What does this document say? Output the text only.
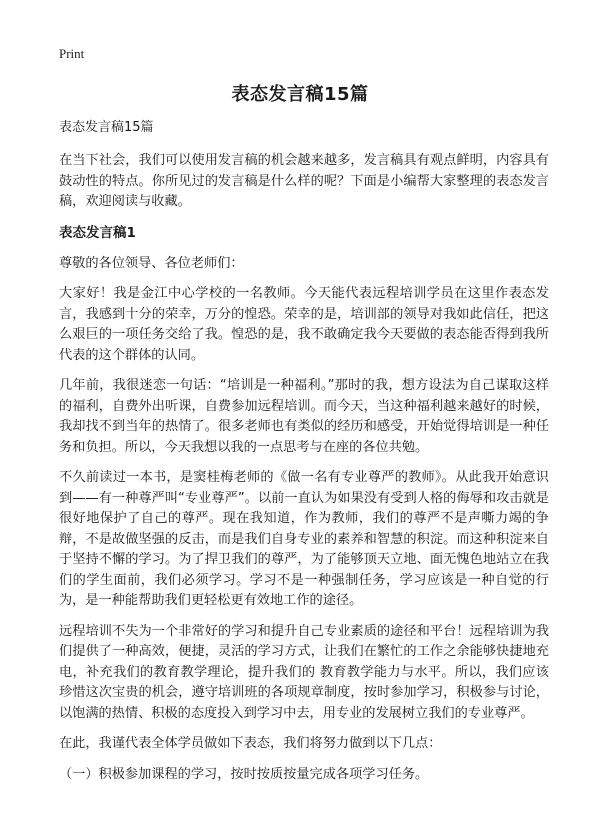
Print
表态发言稿15篇

表态发言稿15篇

在当下社会，我们可以使用发言稿的机会越来越多，发言稿具有观点鲜明，内容具有鼓动性的特点。你所见过的发言稿是什么样的呢？下面是小编帮大家整理的表态发言稿，欢迎阅读与收藏。

表态发言稿1

尊敬的各位领导、各位老师们：

大家好！我是金江中心学校的一名教师。今天能代表远程培训学员在这里作表态发言，我感到十分的荣幸，万分的惶恐。荣幸的是，培训部的领导对我如此信任，把这么艰巨的一项任务交给了我。惶恐的是，我不敢确定我今天要做的表态能否得到我所代表的这个群体的认同。

几年前，我很迷恋一句话：“培训是一种福利。”那时的我，想方设法为自己谋取这样的福利，自费外出听课，自费参加远程培训。而今天，当这种福利越来越好的时候，我却找不到当年的热情了。很多老师也有类似的经历和感受，开始觉得培训是一种任务和负担。所以，今天我想以我的一点思考与在座的各位共勉。

不久前读过一本书，是窦桂梅老师的《做一名有专业尊严的教师》。从此我开始意识到——有一种尊严叫“专业尊严”。以前一直认为如果没有受到人格的侮辱和攻击就是很好地保护了自己的尊严。现在我知道，作为教师，我们的尊严不是声嘶力竭的争辩，不是故做坚强的反击，而是我们自身专业的素养和智慧的积淀。而这种积淀来自于坚持不懈的学习。为了捍卫我们的尊严，为了能够顶天立地、面无愧色地站立在我们的学生面前，我们必须学习。学习不是一种强制任务，学习应该是一种自觉的行为，是一种能帮助我们更轻松更有效地工作的途径。

远程培训不失为一个非常好的学习和提升自己专业素质的途径和平台！远程培训为我们提供了一种高效，便捷，灵活的学习方式，让我们在繁忙的工作之余能够快捷地充电，补充我们的教育教学理论，提升我们的 教育教学能力与水平。所以，我们应该珍惜这次宝贵的机会，遵守培训班的各项规章制度，按时参加学习，积极参与讨论，以饱满的热情、积极的态度投入到学习中去，用专业的发展树立我们的专业尊严。

在此，我谨代表全体学员做如下表态，我们将努力做到以下几点：

（一）积极参加课程的学习，按时按质按量完成各项学习任务。
